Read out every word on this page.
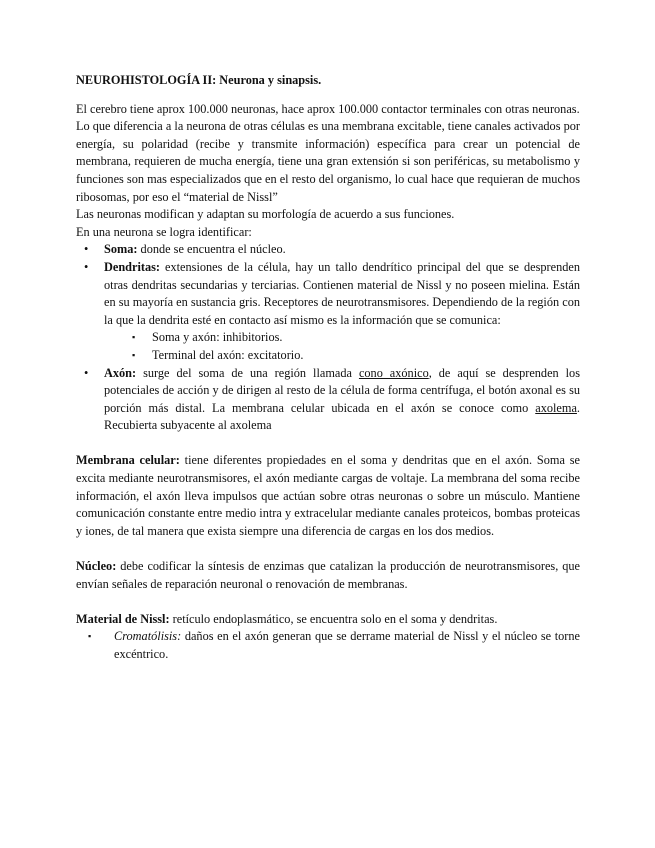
NEUROHISTOLOGÍA II: Neurona y sinapsis.

El cerebro tiene aprox 100.000 neuronas, hace aprox 100.000 contactor terminales con otras neuronas.

Lo que diferencia a la neurona de otras células es una membrana excitable, tiene canales activados por energía, su polaridad (recibe y transmite información) específica para crear un potencial de membrana, requieren de mucha energía, tiene una gran extensión si son periféricas, su metabolismo y funciones son mas especializados que en el resto del organismo, lo cual hace que requieran de muchos ribosomas, por eso el “material de Nissl”

Las neuronas modifican y adaptan su morfología de acuerdo a sus funciones.

En una neurona se logra identificar:

• Soma: donde se encuentra el núcleo.
• Dendritas: extensiones de la célula, hay un tallo dendrítico principal del que se desprenden otras dendritas secundarias y terciarias. Contienen material de Nissl y no poseen mielina. Están en su mayoría en sustancia gris. Receptores de neurotransmisores. Dependiendo de la región con la que la dendrita esté en contacto así mismo es la información que se comunica:
▪ Soma y axón: inhibitorios.
▪ Terminal del axón: excitatorio.
• Axón: surge del soma de una región llamada cono axónico, de aquí se desprenden los potenciales de acción y de dirigen al resto de la célula de forma centrífuga, el botón axonal es su porción más distal. La membrana celular ubicada en el axón se conoce como axolema. Recubierta subyacente al axolema

Membrana celular: tiene diferentes propiedades en el soma y dendritas que en el axón. Soma se excita mediante neurotransmisores, el axón mediante cargas de voltaje. La membrana del soma recibe información, el axón lleva impulsos que actúan sobre otras neuronas o sobre un músculo. Mantiene comunicación constante entre medio intra y extracelular mediante canales proteicos, bombas proteicas y iones, de tal manera que exista siempre una diferencia de cargas en los dos medios.

Núcleo: debe codificar la síntesis de enzimas que catalizan la producción de neurotransmisores, que envían señales de reparación neuronal o renovación de membranas.

Material de Nissl: retículo endoplasmático, se encuentra solo en el soma y dendritas.

▪ Cromatólisis: daños en el axón generan que se derrame material de Nissl y el núcleo se torne excéntrico.
